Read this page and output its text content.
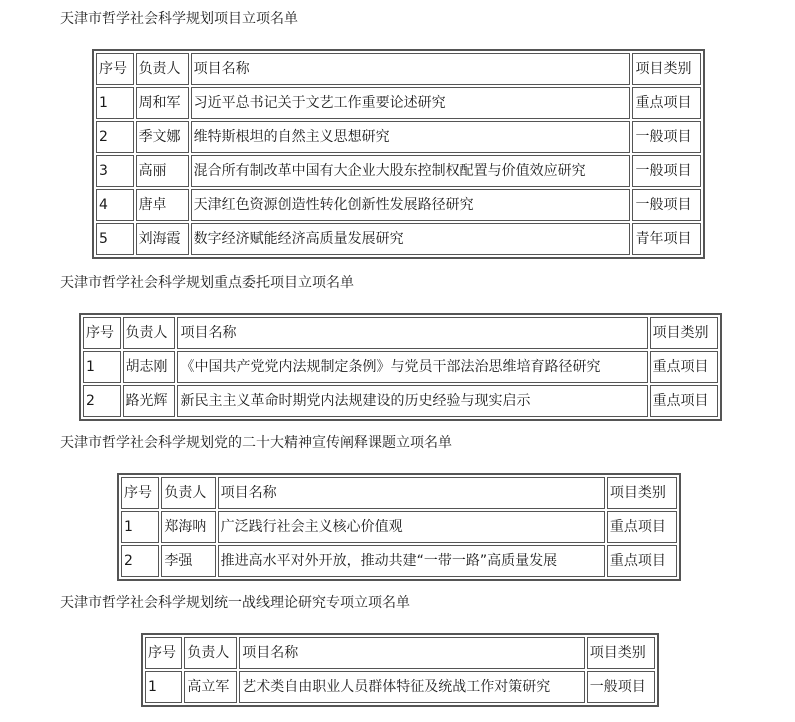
天津市哲学社会科学规划项目立项名单
序号	负责人	项目名称	项目类别
1	周和军	习近平总书记关于文艺工作重要论述研究	重点项目
2	季文娜	维特斯根坦的自然主义思想研究	一般项目
3	高丽	混合所有制改革中国有大企业大股东控制权配置与价值效应研究	一般项目
4	唐卓	天津红色资源创造性转化创新性发展路径研究	一般项目
5	刘海霞	数字经济赋能经济高质量发展研究	青年项目
天津市哲学社会科学规划重点委托项目立项名单
序号	负责人	项目名称	项目类别
1	胡志刚	《中国共产党党内法规制定条例》与党员干部法治思维培育路径研究	重点项目
2	路光辉	新民主主义革命时期党内法规建设的历史经验与现实启示	重点项目
天津市哲学社会科学规划党的二十大精神宣传阐释课题立项名单
序号	负责人	项目名称	项目类别
1	郑海呐	广泛践行社会主义核心价值观	重点项目
2	李强	推进高水平对外开放，推动共建“一带一路”高质量发展	重点项目
天津市哲学社会科学规划统一战线理论研究专项立项名单
序号	负责人	项目名称	项目类别
1	高立军	艺术类自由职业人员群体特征及统战工作对策研究	一般项目
